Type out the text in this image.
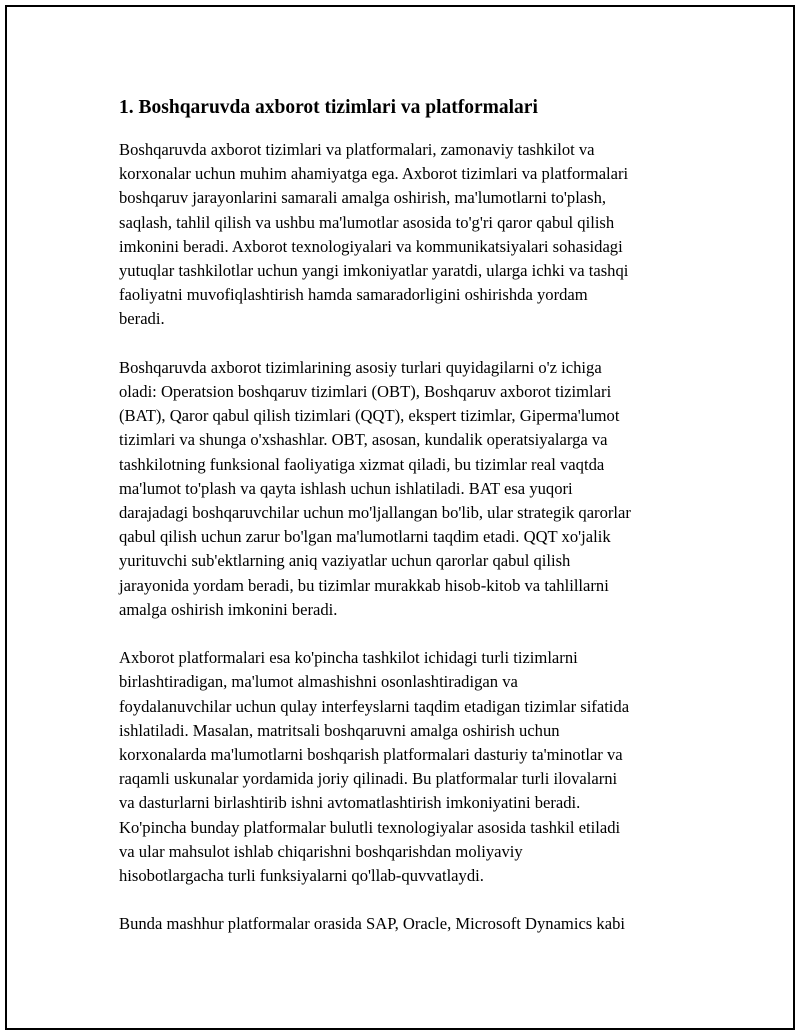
1. Boshqaruvda axborot tizimlari va platformalari

Boshqaruvda axborot tizimlari va platformalari, zamonaviy tashkilot va
korxonalar uchun muhim ahamiyatga ega. Axborot tizimlari va platformalari
boshqaruv jarayonlarini samarali amalga oshirish, ma'lumotlarni to'plash,
saqlash, tahlil qilish va ushbu ma'lumotlar asosida to'g'ri qaror qabul qilish
imkonini beradi. Axborot texnologiyalari va kommunikatsiyalari sohasidagi
yutuqlar tashkilotlar uchun yangi imkoniyatlar yaratdi, ularga ichki va tashqi
faoliyatni muvofiqlashtirish hamda samaradorligini oshirishda yordam
beradi.

Boshqaruvda axborot tizimlarining asosiy turlari quyidagilarni o'z ichiga
oladi: Operatsion boshqaruv tizimlari (OBT), Boshqaruv axborot tizimlari
(BAT), Qaror qabul qilish tizimlari (QQT), ekspert tizimlar, Giperma'lumot
tizimlari va shunga o'xshashlar. OBT, asosan, kundalik operatsiyalarga va
tashkilotning funksional faoliyatiga xizmat qiladi, bu tizimlar real vaqtda
ma'lumot to'plash va qayta ishlash uchun ishlatiladi. BAT esa yuqori
darajadagi boshqaruvchilar uchun mo'ljallangan bo'lib, ular strategik qarorlar
qabul qilish uchun zarur bo'lgan ma'lumotlarni taqdim etadi. QQT xo'jalik
yurituvchi sub'ektlarning aniq vaziyatlar uchun qarorlar qabul qilish
jarayonida yordam beradi, bu tizimlar murakkab hisob-kitob va tahlillarni
amalga oshirish imkonini beradi.

Axborot platformalari esa ko'pincha tashkilot ichidagi turli tizimlarni
birlashtiradigan, ma'lumot almashishni osonlashtiradigan va
foydalanuvchilar uchun qulay interfeyslarni taqdim etadigan tizimlar sifatida
ishlatiladi. Masalan, matritsali boshqaruvni amalga oshirish uchun
korxonalarda ma'lumotlarni boshqarish platformalari dasturiy ta'minotlar va
raqamli uskunalar yordamida joriy qilinadi. Bu platformalar turli ilovalarni
va dasturlarni birlashtirib ishni avtomatlashtirish imkoniyatini beradi.
Ko'pincha bunday platformalar bulutli texnologiyalar asosida tashkil etiladi
va ular mahsulot ishlab chiqarishni boshqarishdan moliyaviy
hisobotlargacha turli funksiyalarni qo'llab-quvvatlaydi.

Bunda mashhur platformalar orasida SAP, Oracle, Microsoft Dynamics kabi
